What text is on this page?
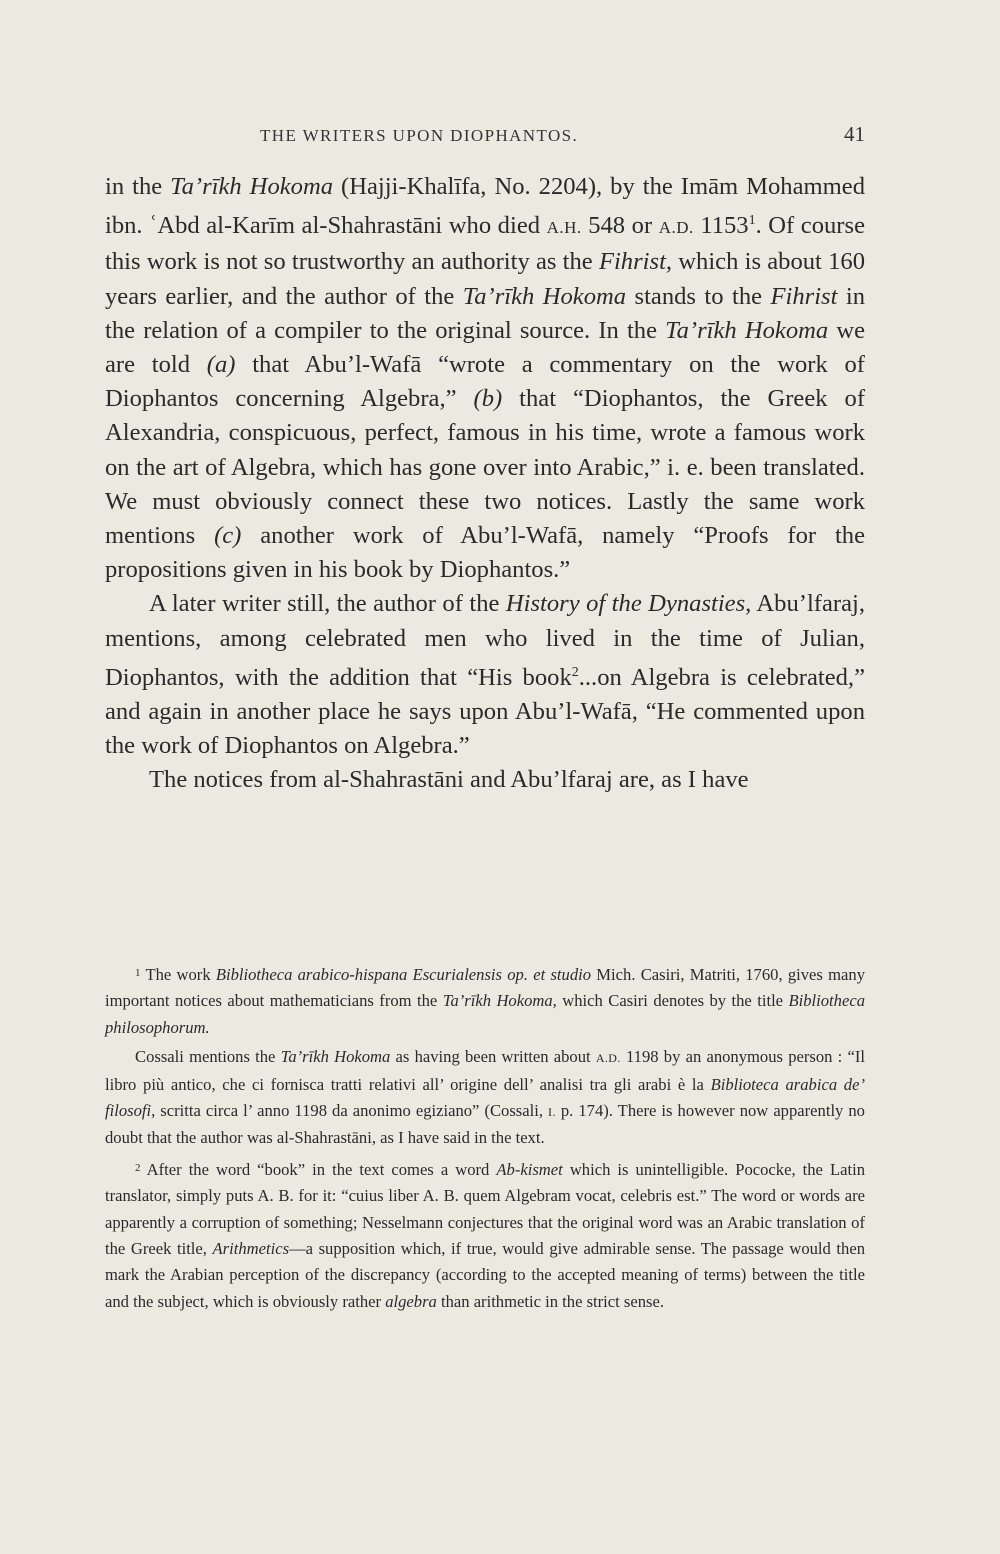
THE WRITERS UPON DIOPHANTOS.	41

in the Ta’rīkh Hokoma (Hajji-Khalīfa, No. 2204), by the Imām Mohammed ibn. ʿAbd al-Karīm al-Shahrastāni who died A.H. 548 or A.D. 1153$^1$. Of course this work is not so trustworthy an authority as the Fihrist, which is about 160 years earlier, and the author of the Ta’rīkh Hokoma stands to the Fihrist in the relation of a compiler to the original source. In the Ta’rīkh Hokoma we are told (a) that Abu’l-Wafā “wrote a commentary on the work of Diophantos concerning Algebra,” (b) that “Diophantos, the Greek of Alexandria, conspicuous, perfect, famous in his time, wrote a famous work on the art of Algebra, which has gone over into Arabic,” i. e. been translated. We must obviously connect these two notices. Lastly the same work mentions (c) another work of Abu’l-Wafā, namely “Proofs for the propositions given in his book by Diophantos.”

A later writer still, the author of the History of the Dynasties, Abu’lfaraj, mentions, among celebrated men who lived in the time of Julian, Diophantos, with the addition that “His book$^2$...on Algebra is celebrated,” and again in another place he says upon Abu’l-Wafā, “He commented upon the work of Diophantos on Algebra.”

The notices from al-Shahrastāni and Abu’lfaraj are, as I have

$^1$ The work Bibliotheca arabico-hispana Escurialensis op. et studio Mich. Casiri, Matriti, 1760, gives many important notices about mathematicians from the Ta’rīkh Hokoma, which Casiri denotes by the title Bibliotheca philosophorum.

Cossali mentions the Ta’rīkh Hokoma as having been written about A.D. 1198 by an anonymous person : “Il libro più antico, che ci fornisca tratti relativi all’ origine dell’ analisi tra gli arabi è la Biblioteca arabica de’ filosofi, scritta circa l’ anno 1198 da anonimo egiziano” (Cossali, I. p. 174). There is however now apparently no doubt that the author was al-Shahrastāni, as I have said in the text.

$^2$ After the word “book” in the text comes a word Ab-kismet which is unintelligible. Pococke, the Latin translator, simply puts A. B. for it: “cuius liber A. B. quem Algebram vocat, celebris est.” The word or words are apparently a corruption of something; Nesselmann conjectures that the original word was an Arabic translation of the Greek title, Arithmetics—a supposition which, if true, would give admirable sense. The passage would then mark the Arabian perception of the discrepancy (according to the accepted meaning of terms) between the title and the subject, which is obviously rather algebra than arithmetic in the strict sense.
